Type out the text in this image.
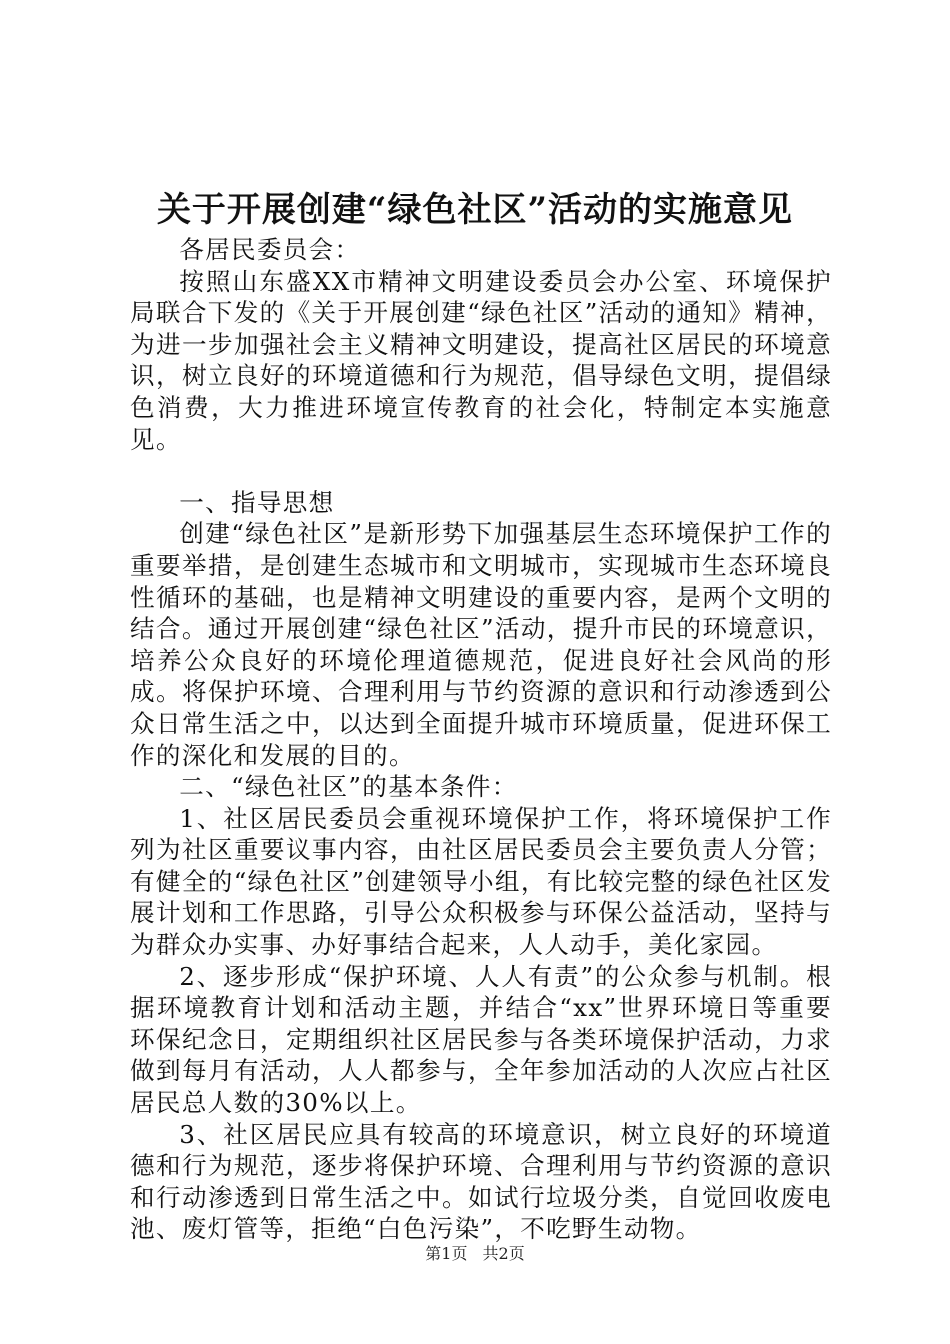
关于开展创建“绿色社区”活动的实施意见

各居民委员会：

按照山东盛XX市精神文明建设委员会办公室、环境保护局联合下发的《关于开展创建“绿色社区”活动的通知》精神，为进一步加强社会主义精神文明建设，提高社区居民的环境意识，树立良好的环境道德和行为规范，倡导绿色文明，提倡绿色消费，大力推进环境宣传教育的社会化，特制定本实施意见。

一、指导思想

创建“绿色社区”是新形势下加强基层生态环境保护工作的重要举措，是创建生态城市和文明城市，实现城市生态环境良性循环的基础，也是精神文明建设的重要内容，是两个文明的结合。通过开展创建“绿色社区”活动，提升市民的环境意识，培养公众良好的环境伦理道德规范，促进良好社会风尚的形成。将保护环境、合理利用与节约资源的意识和行动渗透到公众日常生活之中，以达到全面提升城市环境质量，促进环保工作的深化和发展的目的。

二、“绿色社区”的基本条件：

1、社区居民委员会重视环境保护工作，将环境保护工作列为社区重要议事内容，由社区居民委员会主要负责人分管；有健全的“绿色社区”创建领导小组，有比较完整的绿色社区发展计划和工作思路，引导公众积极参与环保公益活动，坚持与为群众办实事、办好事结合起来，人人动手，美化家园。

2、逐步形成“保护环境、人人有责”的公众参与机制。根据环境教育计划和活动主题，并结合“xx”世界环境日等重要环保纪念日，定期组织社区居民参与各类环境保护活动，力求做到每月有活动，人人都参与，全年参加活动的人次应占社区居民总人数的30%以上。

3、社区居民应具有较高的环境意识，树立良好的环境道德和行为规范，逐步将保护环境、合理利用与节约资源的意识和行动渗透到日常生活之中。如试行垃圾分类，自觉回收废电池、废灯管等，拒绝“白色污染”，不吃野生动物。

第1页 共2页
